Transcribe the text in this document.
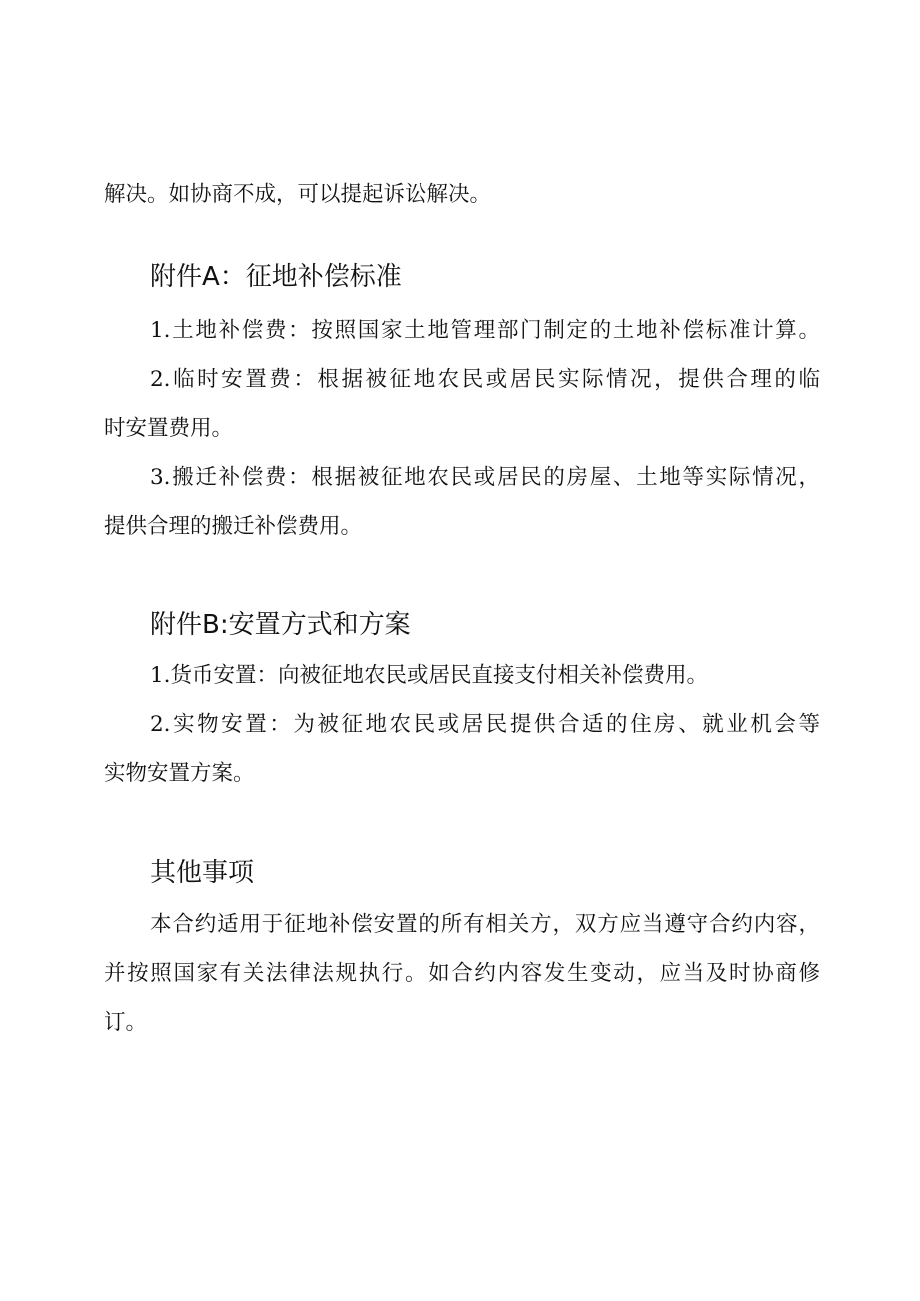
解决。如协商不成，可以提起诉讼解决。
附件A：征地补偿标准
1.土地补偿费：按照国家土地管理部门制定的土地补偿标准计算。
2.临时安置费：根据被征地农民或居民实际情况，提供合理的临
时安置费用。
3.搬迁补偿费：根据被征地农民或居民的房屋、土地等实际情况，
提供合理的搬迁补偿费用。
附件B:安置方式和方案
1.货币安置：向被征地农民或居民直接支付相关补偿费用。
2.实物安置：为被征地农民或居民提供合适的住房、就业机会等
实物安置方案。
其他事项
本合约适用于征地补偿安置的所有相关方，双方应当遵守合约内容，
并按照国家有关法律法规执行。如合约内容发生变动，应当及时协商修
订。
